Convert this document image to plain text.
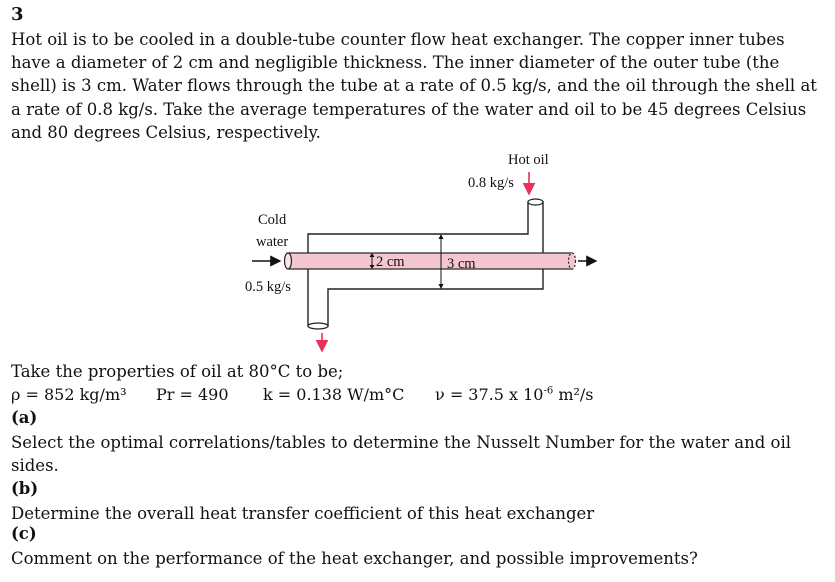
3

Hot oil is to be cooled in a double-tube counter flow heat exchanger. The copper inner tubes have a diameter of 2 cm and negligible thickness. The inner diameter of the outer tube (the shell) is 3 cm. Water flows through the tube at a rate of 0.5 kg/s, and the oil through the shell at a rate of 0.8 kg/s. Take the average temperatures of the water and oil to be 45 degrees Celsius and 80 degrees Celsius, respectively.

Hot oil
0.8 kg/s
Cold
water
0.5 kg/s
2 cm	3 cm
Take the properties of oil at 80°C to be;
ρ = 852 kg/m³ Pr = 490 k = 0.138 W/m°C ν = 37.5 x $10^{-6}$ m²/s
(a)

Select the optimal correlations/tables to determine the Nusselt Number for the water and oil sides.

(b)

Determine the overall heat transfer coefficient of this heat exchanger

(c)

Comment on the performance of the heat exchanger, and possible improvements?
